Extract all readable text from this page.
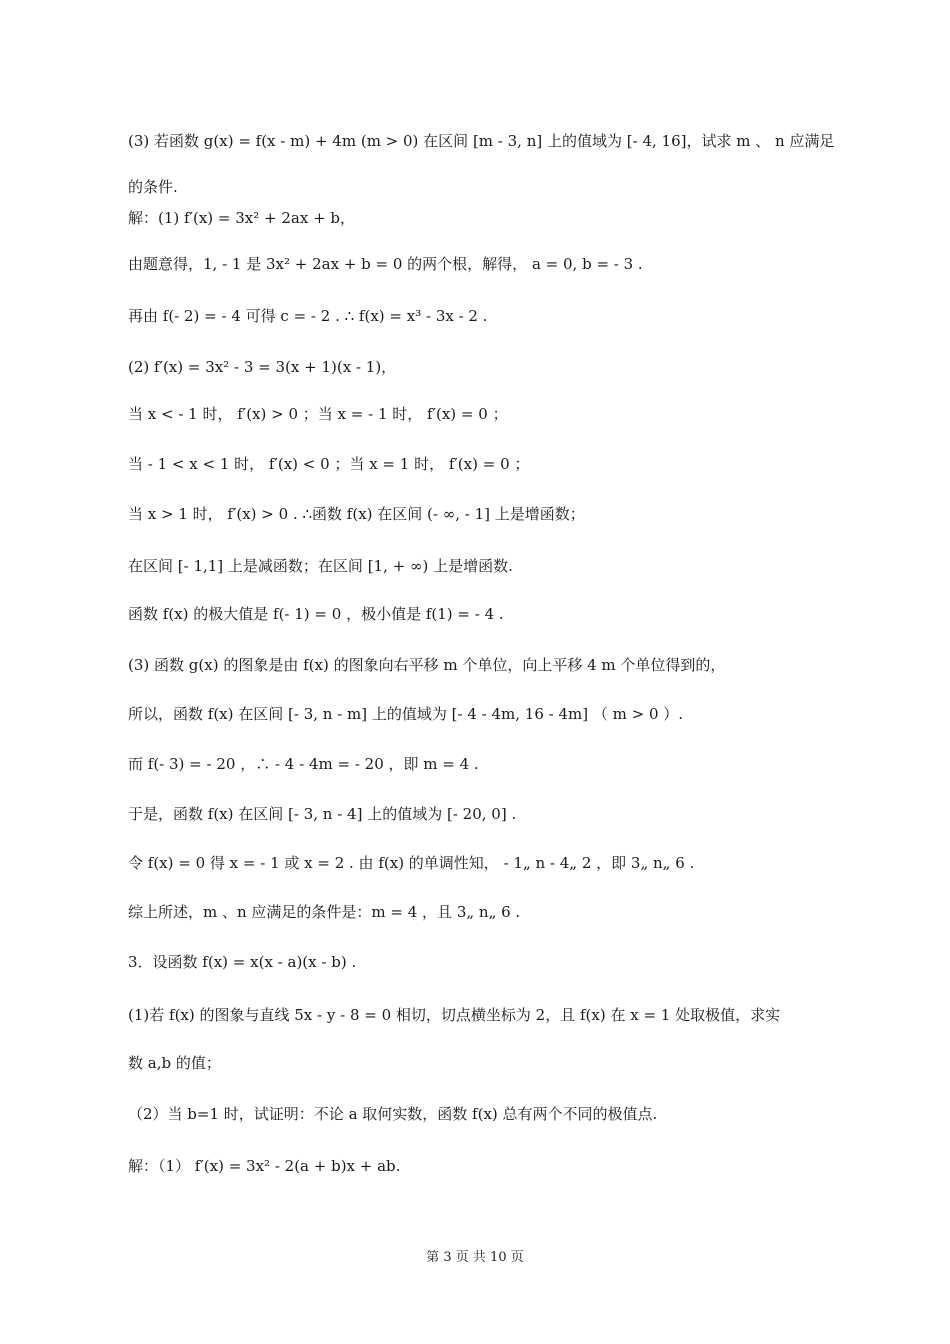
(3) 若函数 g(x) = f(x - m) + 4m (m > 0) 在区间 [m - 3, n] 上的值域为 [- 4, 16]，试求 m 、 n 应满足
的条件.
解：(1) f′(x) = 3x² + 2ax + b，
由题意得，1, - 1 是 3x² + 2ax + b = 0 的两个根，解得， a = 0, b = - 3 .
再由 f(- 2) = - 4 可得 c = - 2 . ∴ f(x) = x³ - 3x - 2 .
(2) f′(x) = 3x² - 3 = 3(x + 1)(x - 1)，
当 x < - 1 时， f′(x) > 0 ；当 x = - 1 时， f′(x) = 0 ；
当 - 1 < x < 1 时， f′(x) < 0 ；当 x = 1 时， f′(x) = 0 ；
当 x > 1 时， f′(x) > 0 . ∴函数 f(x) 在区间 (- ∞, - 1] 上是增函数；
在区间 [- 1,1] 上是减函数；在区间 [1, + ∞) 上是增函数.
函数 f(x) 的极大值是 f(- 1) = 0 ，极小值是 f(1) = - 4 .
(3) 函数 g(x) 的图象是由 f(x) 的图象向右平移 m 个单位，向上平移 4 m 个单位得到的，
所以，函数 f(x) 在区间 [- 3, n - m] 上的值域为 [- 4 - 4m, 16 - 4m] （ m > 0 ）.
而 f(- 3) = - 20 ，∴ - 4 - 4m = - 20 ，即 m = 4 .
于是，函数 f(x) 在区间 [- 3, n - 4] 上的值域为 [- 20, 0] .
令 f(x) = 0 得 x = - 1 或 x = 2 . 由 f(x) 的单调性知， - 1„ n - 4„ 2 ，即 3„ n„ 6 .
综上所述，m 、n 应满足的条件是：m = 4 ，且 3„ n„ 6 .
3．设函数 f(x) = x(x - a)(x - b) .
(1)若 f(x) 的图象与直线 5x - y - 8 = 0 相切，切点横坐标为 2，且 f(x) 在 x = 1 处取极值，求实
数 a,b 的值；
（2）当 b=1 时，试证明：不论 a 取何实数，函数 f(x) 总有两个不同的极值点.
解：（1） f′(x) = 3x² - 2(a + b)x + ab.
第 3 页 共 10 页
